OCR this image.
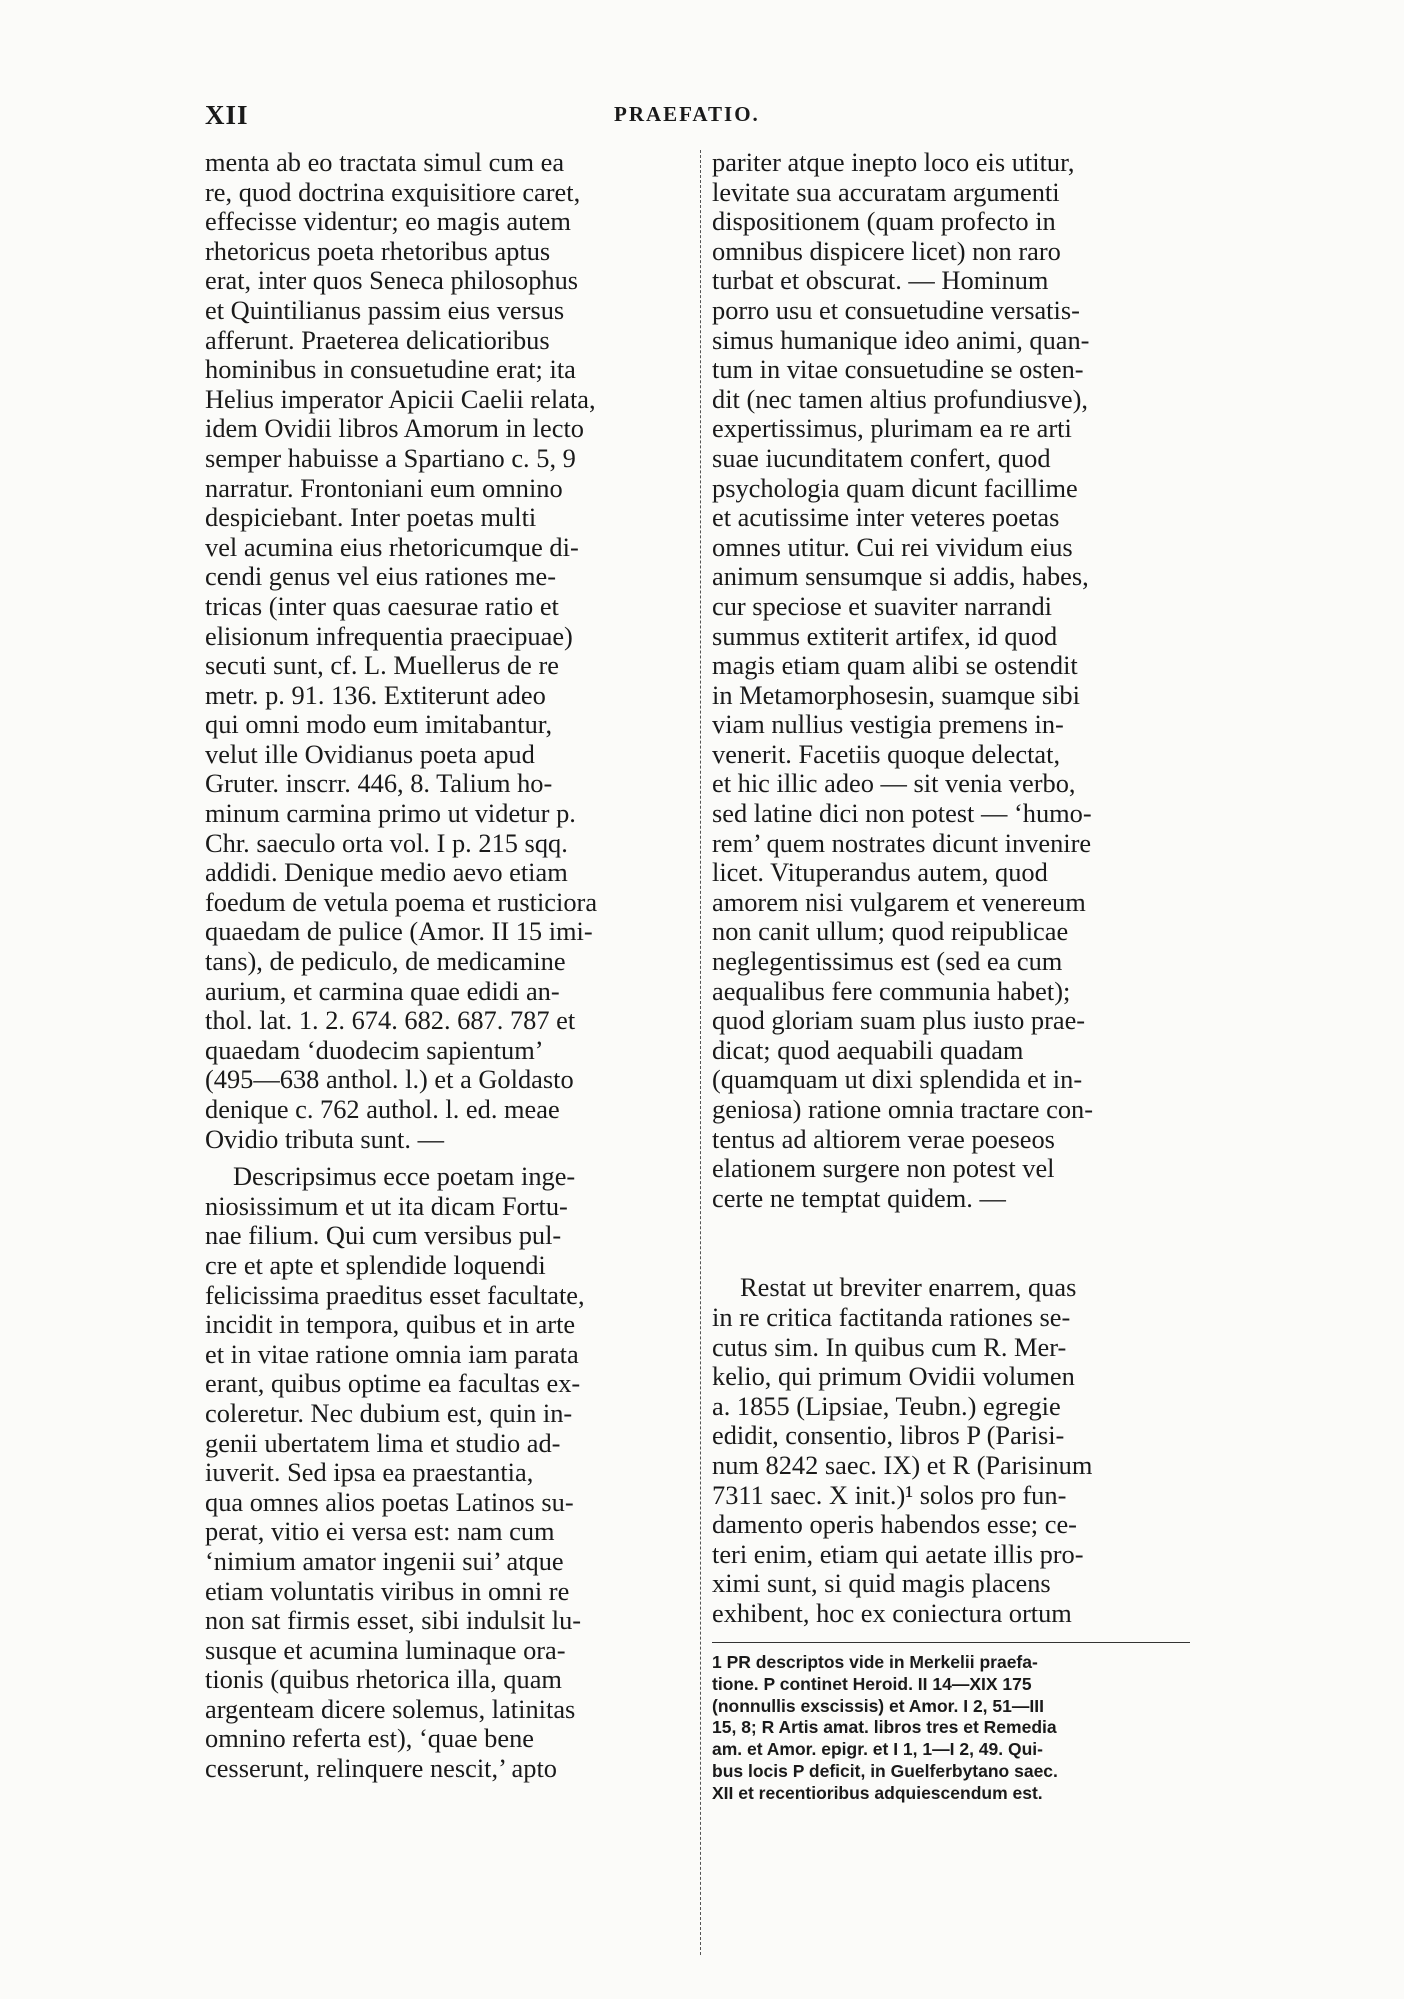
XII	PRAEFATIO.
menta ab eo tractata simul cum ea
re, quod doctrina exquisitiore caret,
effecisse videntur; eo magis autem
rhetoricus poeta rhetoribus aptus
erat, inter quos Seneca philosophus
et Quintilianus passim eius versus
afferunt. Praeterea delicatioribus
hominibus in consuetudine erat; ita
Helius imperator Apicii Caelii relata,
idem Ovidii libros Amorum in lecto
semper habuisse a Spartiano c. 5, 9
narratur. Frontoniani eum omnino
despiciebant. Inter poetas multi
vel acumina eius rhetoricumque di-
cendi genus vel eius rationes me-
tricas (inter quas caesurae ratio et
elisionum infrequentia praecipuae)
secuti sunt, cf. L. Muellerus de re
metr. p. 91. 136. Extiterunt adeo
qui omni modo eum imitabantur,
velut ille Ovidianus poeta apud
Gruter. inscrr. 446, 8. Talium ho-
minum carmina primo ut videtur p.
Chr. saeculo orta vol. I p. 215 sqq.
addidi. Denique medio aevo etiam
foedum de vetula poema et rusticiora
quaedam de pulice (Amor. II 15 imi-
tans), de pediculo, de medicamine
aurium, et carmina quae edidi an-
thol. lat. 1. 2. 674. 682. 687. 787 et
quaedam ‘duodecim sapientum’
(495—638 anthol. l.) et a Goldasto
denique c. 762 authol. l. ed. meae
Ovidio tributa sunt. —
Descripsimus ecce poetam inge-
niosissimum et ut ita dicam Fortu-
nae filium. Qui cum versibus pul-
cre et apte et splendide loquendi
felicissima praeditus esset facultate,
incidit in tempora, quibus et in arte
et in vitae ratione omnia iam parata
erant, quibus optime ea facultas ex-
coleretur. Nec dubium est, quin in-
genii ubertatem lima et studio ad-
iuverit. Sed ipsa ea praestantia,
qua omnes alios poetas Latinos su-
perat, vitio ei versa est: nam cum
‘nimium amator ingenii sui’ atque
etiam voluntatis viribus in omni re
non sat firmis esset, sibi indulsit lu-
susque et acumina luminaque ora-
tionis (quibus rhetorica illa, quam
argenteam dicere solemus, latinitas
omnino referta est), ‘quae bene
cesserunt, relinquere nescit,’ apto
pariter atque inepto loco eis utitur,
levitate sua accuratam argumenti
dispositionem (quam profecto in
omnibus dispicere licet) non raro
turbat et obscurat. — Hominum
porro usu et consuetudine versatis-
simus humanique ideo animi, quan-
tum in vitae consuetudine se osten-
dit (nec tamen altius profundiusve),
expertissimus, plurimam ea re arti
suae iucunditatem confert, quod
psychologia quam dicunt facillime
et acutissime inter veteres poetas
omnes utitur. Cui rei vividum eius
animum sensumque si addis, habes,
cur speciose et suaviter narrandi
summus extiterit artifex, id quod
magis etiam quam alibi se ostendit
in Metamorphosesin, suamque sibi
viam nullius vestigia premens in-
venerit. Facetiis quoque delectat,
et hic illic adeo — sit venia verbo,
sed latine dici non potest — ‘humo-
rem’ quem nostrates dicunt invenire
licet. Vituperandus autem, quod
amorem nisi vulgarem et venereum
non canit ullum; quod reipublicae
neglegentissimus est (sed ea cum
aequalibus fere communia habet);
quod gloriam suam plus iusto prae-
dicat; quod aequabili quadam
(quamquam ut dixi splendida et in-
geniosa) ratione omnia tractare con-
tentus ad altiorem verae poeseos
elationem surgere non potest vel
certe ne temptat quidem. —
Restat ut breviter enarrem, quas
in re critica factitanda rationes se-
cutus sim. In quibus cum R. Mer-
kelio, qui primum Ovidii volumen
a. 1855 (Lipsiae, Teubn.) egregie
edidit, consentio, libros P (Parisi-
num 8242 saec. IX) et R (Parisinum
7311 saec. X init.)¹ solos pro fun-
damento operis habendos esse; ce-
teri enim, etiam qui aetate illis pro-
ximi sunt, si quid magis placens
exhibent, hoc ex coniectura ortum
1 PR descriptos vide in Merkelii praefa-
tione. P continet Heroid. II 14—XIX 175
(nonnullis exscissis) et Amor. I 2, 51—III
15, 8; R Artis amat. libros tres et Remedia
am. et Amor. epigr. et I 1, 1—I 2, 49. Qui-
bus locis P deficit, in Guelferbytano saec.
XII et recentioribus adquiescendum est.
